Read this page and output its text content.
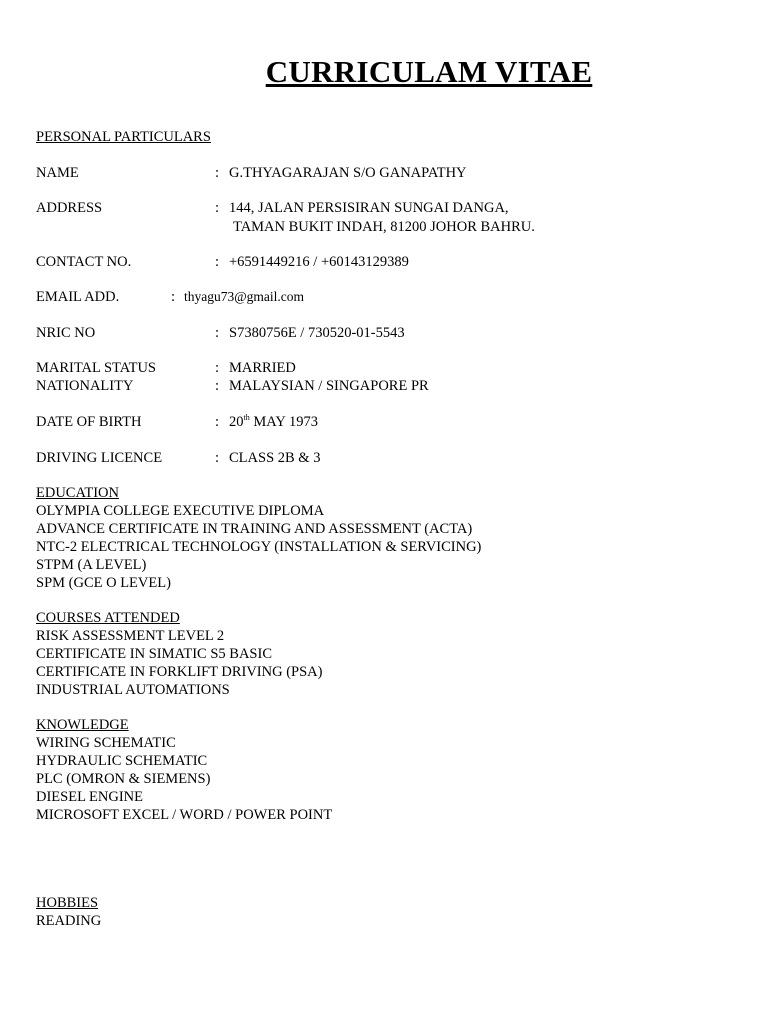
CURRICULAM VITAE
PERSONAL PARTICULARS
NAME	: G.THYAGARAJAN S/O GANAPATHY
ADDRESS	: 144, JALAN PERSISIRAN SUNGAI DANGA,
TAMAN BUKIT INDAH, 81200 JOHOR BAHRU.
CONTACT NO.	: +6591449216 / +60143129389
EMAIL ADD.	: thyagu73@gmail.com
NRIC NO	: S7380756E / 730520-01-5543
MARITAL STATUS	: MARRIED
NATIONALITY	: MALAYSIAN / SINGAPORE PR
DATE OF BIRTH	: 20th MAY 1973
DRIVING LICENCE	: CLASS 2B & 3
EDUCATION
OLYMPIA COLLEGE EXECUTIVE DIPLOMA
ADVANCE CERTIFICATE IN TRAINING AND ASSESSMENT (ACTA)
NTC-2 ELECTRICAL TECHNOLOGY (INSTALLATION & SERVICING)
STPM (A LEVEL)
SPM (GCE O LEVEL)
COURSES ATTENDED
RISK ASSESSMENT LEVEL 2
CERTIFICATE IN SIMATIC S5 BASIC
CERTIFICATE IN FORKLIFT DRIVING (PSA)
INDUSTRIAL AUTOMATIONS
KNOWLEDGE
WIRING SCHEMATIC
HYDRAULIC SCHEMATIC
PLC (OMRON & SIEMENS)
DIESEL ENGINE
MICROSOFT EXCEL / WORD / POWER POINT
HOBBIES
READING
